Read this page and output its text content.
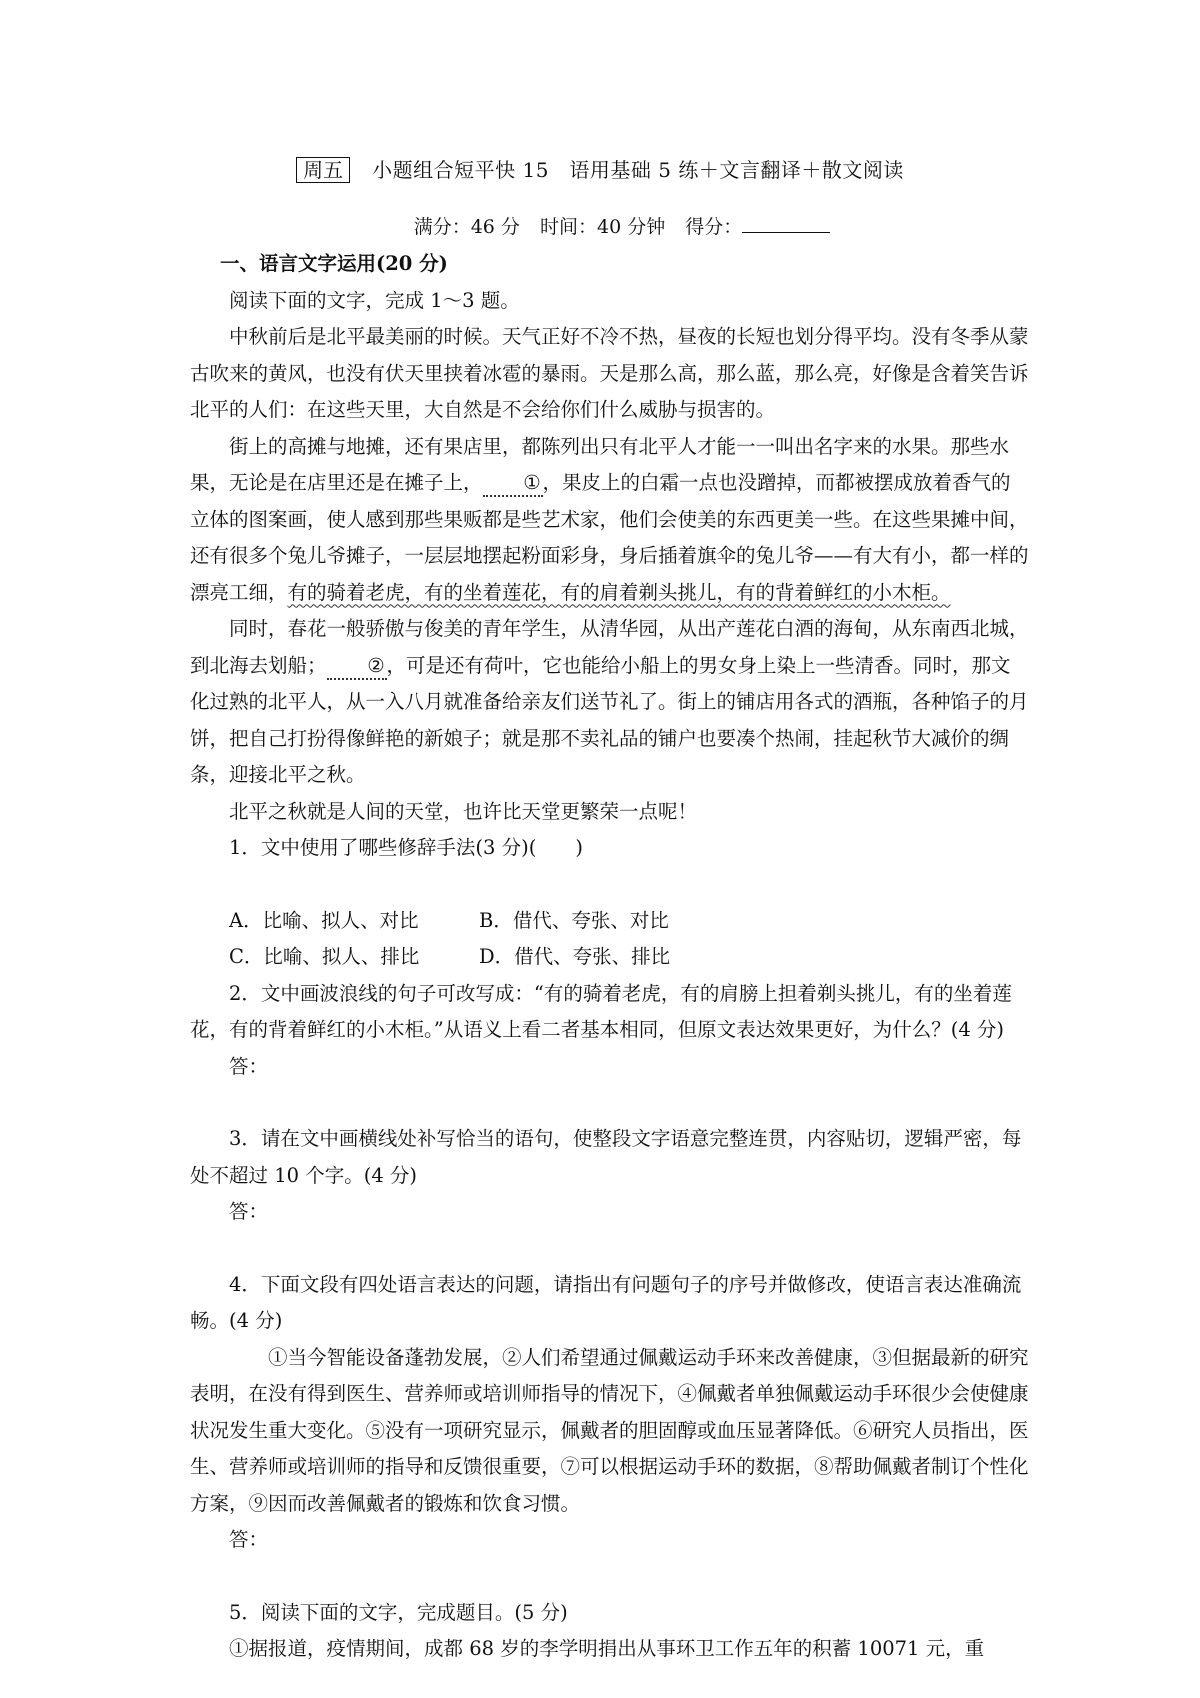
周五 小题组合短平快 15　语用基础 5 练＋文言翻译＋散文阅读
满分：46 分 时间：40 分钟 得分：

一、语言文字运用(20 分)

阅读下面的文字，完成 1～3 题。

中秋前后是北平最美丽的时候。天气正好不冷不热，昼夜的长短也划分得平均。没有冬季从蒙古吹来的黄风，也没有伏天里挟着冰雹的暴雨。天是那么高，那么蓝，那么亮，好像是含着笑告诉北平的人们：在这些天里，大自然是不会给你们什么威胁与损害的。

街上的高摊与地摊，还有果店里，都陈列出只有北平人才能一一叫出名字来的水果。那些水果，无论是在店里还是在摊子上， ①，果皮上的白霜一点也没蹭掉，而都被摆成放着香气的立体的图案画，使人感到那些果贩都是些艺术家，他们会使美的东西更美一些。在这些果摊中间，还有很多个兔儿爷摊子，一层层地摆起粉面彩身，身后插着旗伞的兔儿爷——有大有小，都一样的漂亮工细，有的骑着老虎，有的坐着莲花，有的肩着剃头挑儿，有的背着鲜红的小木柜。

同时，春花一般骄傲与俊美的青年学生，从清华园，从出产莲花白酒的海甸，从东南西北城，到北海去划船； ②，可是还有荷叶，它也能给小船上的男女身上染上一些清香。同时，那文化过熟的北平人，从一入八月就准备给亲友们送节礼了。街上的铺店用各式的酒瓶，各种馅子的月饼，把自己打扮得像鲜艳的新娘子；就是那不卖礼品的铺户也要凑个热闹，挂起秋节大减价的绸条，迎接北平之秋。

北平之秋就是人间的天堂，也许比天堂更繁荣一点呢！

1．文中使用了哪些修辞手法(3 分)(　　)

A．比喻、拟人、对比	B．借代、夸张、对比

C．比喻、拟人、排比	D．借代、夸张、排比

2．文中画波浪线的句子可改写成：“有的骑着老虎，有的肩膀上担着剃头挑儿，有的坐着莲花，有的背着鲜红的小木柜。”从语义上看二者基本相同，但原文表达效果更好，为什么？(4 分)

答：

3．请在文中画横线处补写恰当的语句，使整段文字语意完整连贯，内容贴切，逻辑严密，每处不超过 10 个字。(4 分)

答：

4．下面文段有四处语言表达的问题，请指出有问题句子的序号并做修改，使语言表达准确流畅。(4 分)

①当今智能设备蓬勃发展，②人们希望通过佩戴运动手环来改善健康，③但据最新的研究表明，在没有得到医生、营养师或培训师指导的情况下，④佩戴者单独佩戴运动手环很少会使健康状况发生重大变化。⑤没有一项研究显示，佩戴者的胆固醇或血压显著降低。⑥研究人员指出，医生、营养师或培训师的指导和反馈很重要，⑦可以根据运动手环的数据，⑧帮助佩戴者制订个性化方案，⑨因而改善佩戴者的锻炼和饮食习惯。

答：

5．阅读下面的文字，完成题目。(5 分)

①据报道，疫情期间，成都 68 岁的李学明捐出从事环卫工作五年的积蓄 10071 元，重
